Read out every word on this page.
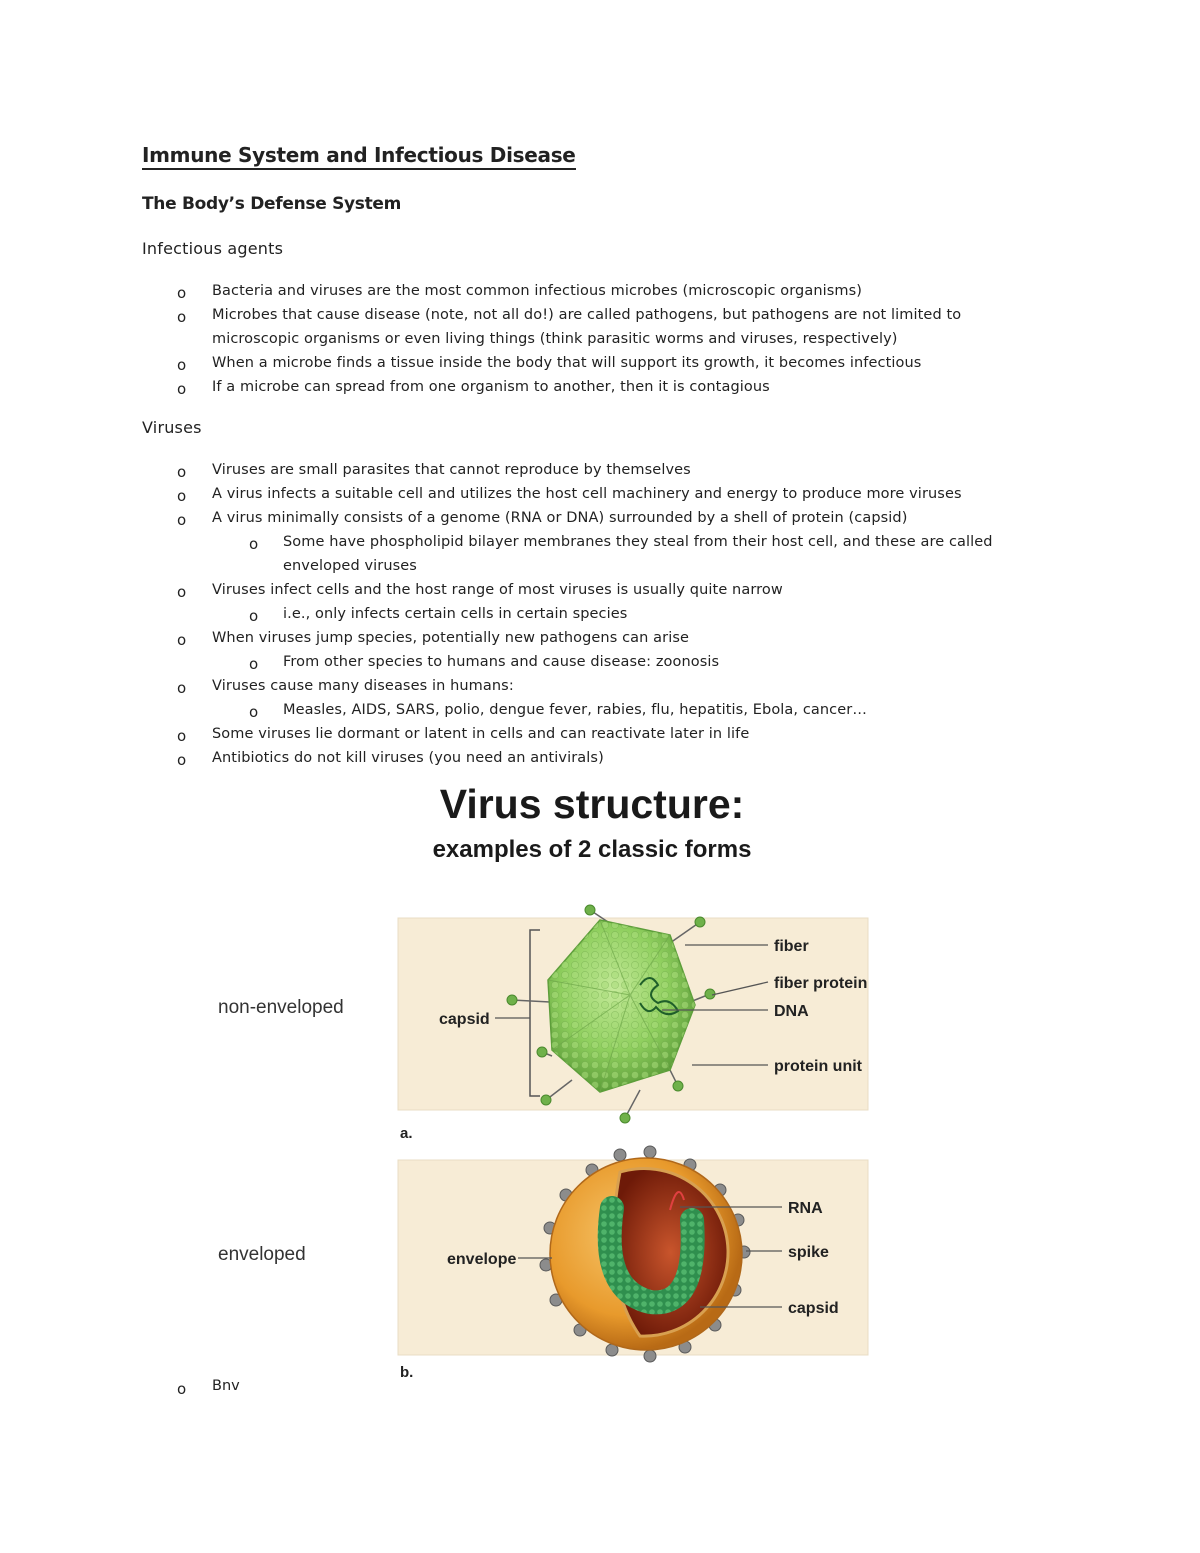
Immune System and Infectious Disease
The Body’s Defense System
Infectious agents
o Bacteria and viruses are the most common infectious microbes (microscopic organisms)
o Microbes that cause disease (note, not all do!) are called pathogens, but pathogens are not limited to microscopic organisms or even living things (think parasitic worms and viruses, respectively)
o When a microbe finds a tissue inside the body that will support its growth, it becomes infectious
o If a microbe can spread from one organism to another, then it is contagious
Viruses
o Viruses are small parasites that cannot reproduce by themselves
o A virus infects a suitable cell and utilizes the host cell machinery and energy to produce more viruses
o A virus minimally consists of a genome (RNA or DNA) surrounded by a shell of protein (capsid)
o Some have phospholipid bilayer membranes they steal from their host cell, and these are called enveloped viruses
o Viruses infect cells and the host range of most viruses is usually quite narrow
o i.e., only infects certain cells in certain species
o When viruses jump species, potentially new pathogens can arise
o From other species to humans and cause disease: zoonosis
o Viruses cause many diseases in humans:
o Measles, AIDS, SARS, polio, dengue fever, rabies, flu, hepatitis, Ebola, cancer…
o Some viruses lie dormant or latent in cells and can reactivate later in life
o Antibiotics do not kill viruses (you need an antivirals)
Virus structure:
examples of 2 classic forms
non-enveloped
a.
capsid
fiber
fiber protein
DNA
protein unit
enveloped
b.
RNA
spike
capsid
envelope
o Bnv
